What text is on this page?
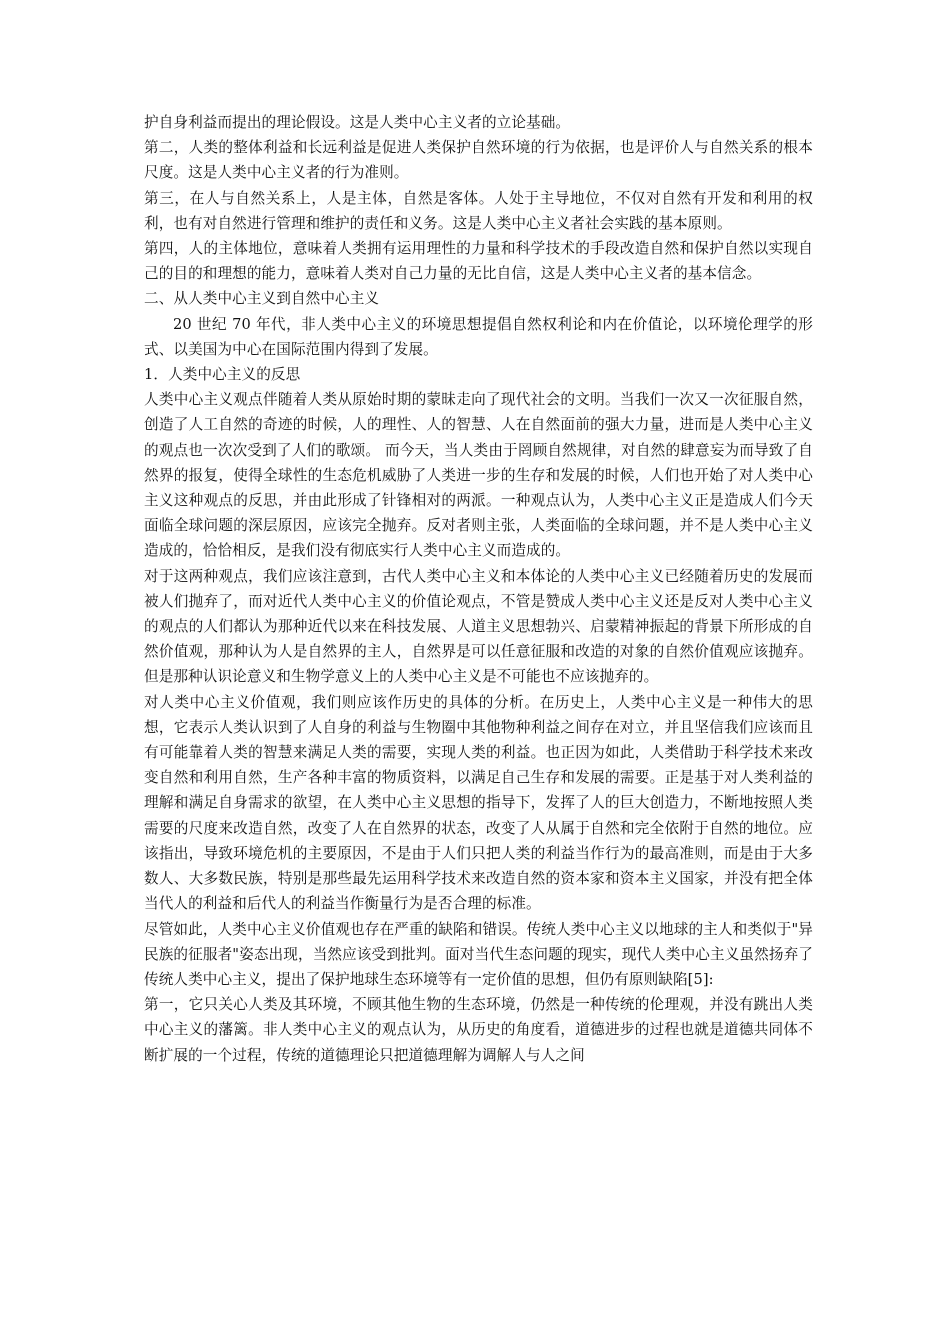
护自身利益而提出的理论假设。这是人类中心主义者的立论基础。

第二，人类的整体利益和长远利益是促进人类保护自然环境的行为依据，也是评价人与自然关系的根本尺度。这是人类中心主义者的行为准则。

第三，在人与自然关系上，人是主体，自然是客体。人处于主导地位，不仅对自然有开发和利用的权利，也有对自然进行管理和维护的责任和义务。这是人类中心主义者社会实践的基本原则。

第四，人的主体地位，意味着人类拥有运用理性的力量和科学技术的手段改造自然和保护自然以实现自己的目的和理想的能力，意味着人类对自己力量的无比自信，这是人类中心主义者的基本信念。

二、从人类中心主义到自然中心主义

20 世纪 70 年代，非人类中心主义的环境思想提倡自然权利论和内在价值论，以环境伦理学的形式、以美国为中心在国际范围内得到了发展。

1．人类中心主义的反思

人类中心主义观点伴随着人类从原始时期的蒙昧走向了现代社会的文明。当我们一次又一次征服自然，创造了人工自然的奇迹的时候，人的理性、人的智慧、人在自然面前的强大力量，进而是人类中心主义的观点也一次次受到了人们的歌颂。 而今天，当人类由于罔顾自然规律，对自然的肆意妄为而导致了自然界的报复，使得全球性的生态危机威胁了人类进一步的生存和发展的时候，人们也开始了对人类中心主义这种观点的反思，并由此形成了针锋相对的两派。一种观点认为，人类中心主义正是造成人们今天面临全球问题的深层原因，应该完全抛弃。反对者则主张，人类面临的全球问题，并不是人类中心主义造成的，恰恰相反，是我们没有彻底实行人类中心主义而造成的。

对于这两种观点，我们应该注意到，古代人类中心主义和本体论的人类中心主义已经随着历史的发展而被人们抛弃了，而对近代人类中心主义的价值论观点，不管是赞成人类中心主义还是反对人类中心主义的观点的人们都认为那种近代以来在科技发展、人道主义思想勃兴、启蒙精神振起的背景下所形成的自然价值观，那种认为人是自然界的主人，自然界是可以任意征服和改造的对象的自然价值观应该抛弃。但是那种认识论意义和生物学意义上的人类中心主义是不可能也不应该抛弃的。

对人类中心主义价值观，我们则应该作历史的具体的分析。在历史上，人类中心主义是一种伟大的思想，它表示人类认识到了人自身的利益与生物圈中其他物种利益之间存在对立，并且坚信我们应该而且有可能靠着人类的智慧来满足人类的需要，实现人类的利益。也正因为如此，人类借助于科学技术来改变自然和利用自然，生产各种丰富的物质资料，以满足自己生存和发展的需要。正是基于对人类利益的理解和满足自身需求的欲望，在人类中心主义思想的指导下，发挥了人的巨大创造力，不断地按照人类需要的尺度来改造自然，改变了人在自然界的状态，改变了人从属于自然和完全依附于自然的地位。应该指出，导致环境危机的主要原因，不是由于人们只把人类的利益当作行为的最高准则，而是由于大多数人、大多数民族，特别是那些最先运用科学技术来改造自然的资本家和资本主义国家，并没有把全体当代人的利益和后代人的利益当作衡量行为是否合理的标准。

尽管如此，人类中心主义价值观也存在严重的缺陷和错误。传统人类中心主义以地球的主人和类似于"异民族的征服者"姿态出现，当然应该受到批判。面对当代生态问题的现实，现代人类中心主义虽然扬弃了传统人类中心主义，提出了保护地球生态环境等有一定价值的思想，但仍有原则缺陷[5]:

第一，它只关心人类及其环境，不顾其他生物的生态环境，仍然是一种传统的伦理观，并没有跳出人类中心主义的藩篱。非人类中心主义的观点认为，从历史的角度看，道德进步的过程也就是道德共同体不断扩展的一个过程，传统的道德理论只把道德理解为调解人与人之间
